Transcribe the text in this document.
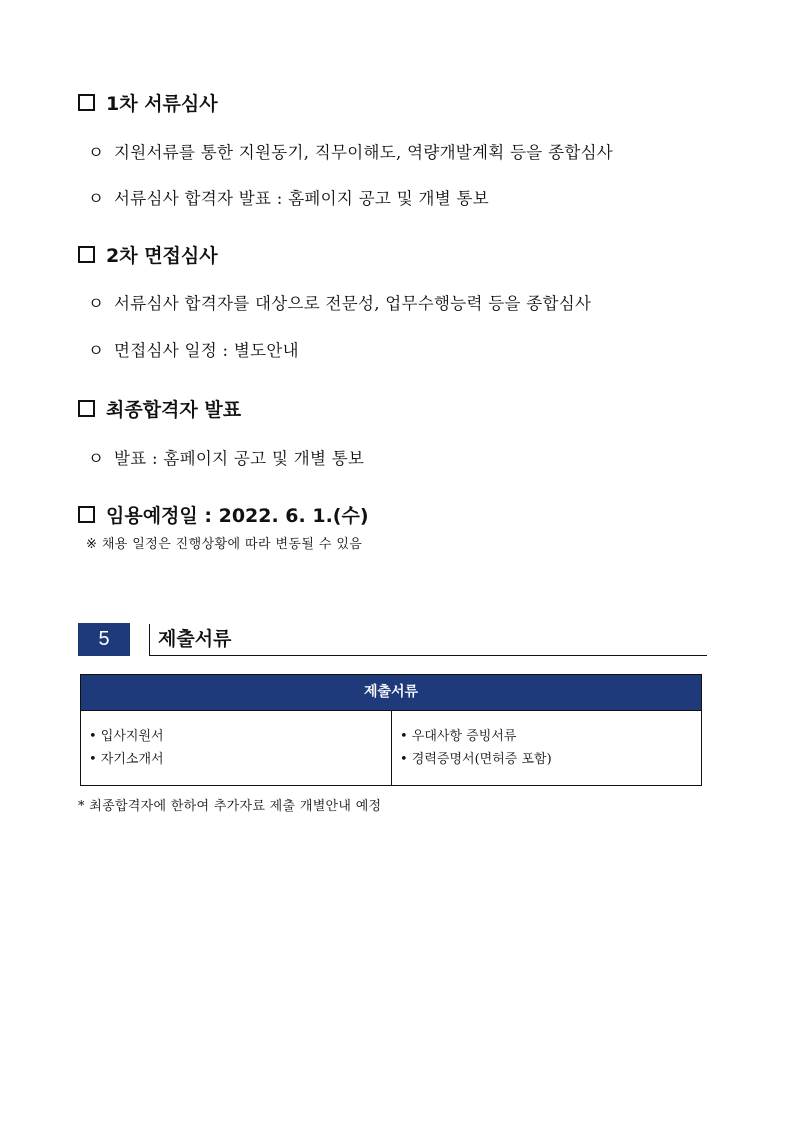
1차 서류심사
ㅇ 지원서류를 통한 지원동기, 직무이해도, 역량개발계획 등을 종합심사
ㅇ 서류심사 합격자 발표 : 홈페이지 공고 및 개별 통보
2차 면접심사
ㅇ 서류심사 합격자를 대상으로 전문성, 업무수행능력 등을 종합심사
ㅇ 면접심사 일정 : 별도안내
최종합격자 발표
ㅇ 발표 : 홈페이지 공고 및 개별 통보
임용예정일 : 2022. 6. 1.(수)
※ 채용 일정은 진행상황에 따라 변동될 수 있음
5	제출서류
제출서류
• 입사지원서
• 자기소개서
• 우대사항 증빙서류
• 경력증명서(면허증 포함)
* 최종합격자에 한하여 추가자료 제출 개별안내 예정
